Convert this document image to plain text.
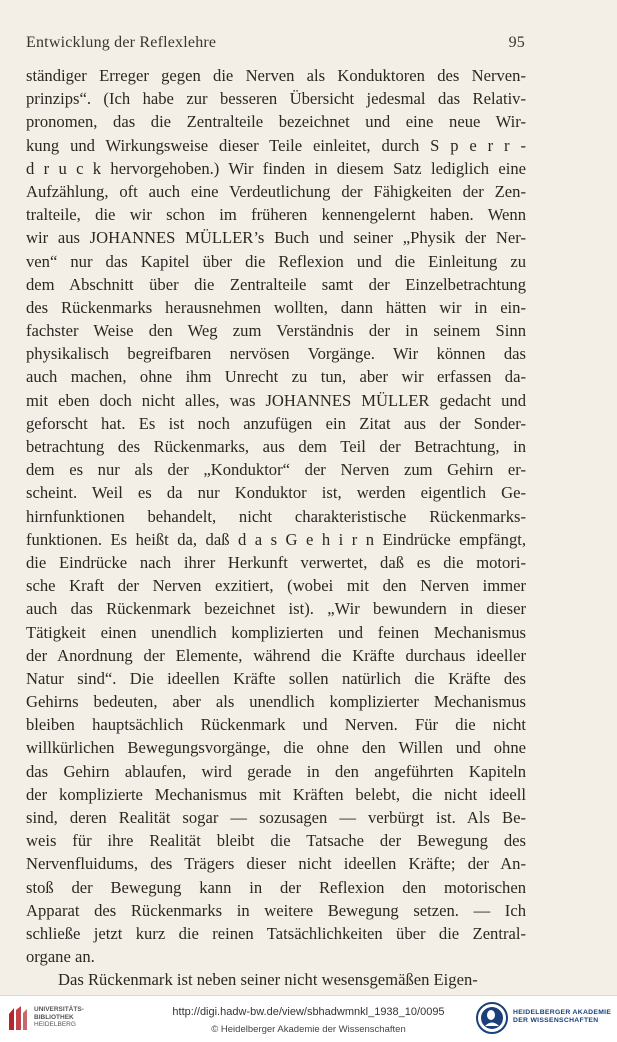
Entwicklung der Reflexlehre	95
ständiger Erreger gegen die Nerven als Konduktoren des Nerven-
prinzips“. (Ich habe zur besseren Übersicht jedesmal das Relativ-
pronomen, das die Zentralteile bezeichnet und eine neue Wir-
kung und Wirkungsweise dieser Teile einleitet, durch S p e r r -
d r u c k hervorgehoben.) Wir finden in diesem Satz lediglich eine
Aufzählung, oft auch eine Verdeutlichung der Fähigkeiten der Zen-
tralteile, die wir schon im früheren kennengelernt haben. Wenn
wir aus JOHANNES MÜLLER’s Buch und seiner „Physik der Ner-
ven“ nur das Kapitel über die Reflexion und die Einleitung zu
dem Abschnitt über die Zentralteile samt der Einzelbetrachtung
des Rückenmarks herausnehmen wollten, dann hätten wir in ein-
fachster Weise den Weg zum Verständnis der in seinem Sinn
physikalisch begreifbaren nervösen Vorgänge. Wir können das
auch machen, ohne ihm Unrecht zu tun, aber wir erfassen da-
mit eben doch nicht alles, was JOHANNES MÜLLER gedacht und
geforscht hat. Es ist noch anzufügen ein Zitat aus der Sonder-
betrachtung des Rückenmarks, aus dem Teil der Betrachtung, in
dem es nur als der „Konduktor“ der Nerven zum Gehirn er-
scheint. Weil es da nur Konduktor ist, werden eigentlich Ge-
hirnfunktionen behandelt, nicht charakteristische Rückenmarks-
funktionen. Es heißt da, daß d a s G e h i r n Eindrücke empfängt,
die Eindrücke nach ihrer Herkunft verwertet, daß es die motori-
sche Kraft der Nerven exzitiert, (wobei mit den Nerven immer
auch das Rückenmark bezeichnet ist). „Wir bewundern in dieser
Tätigkeit einen unendlich komplizierten und feinen Mechanismus
der Anordnung der Elemente, während die Kräfte durchaus ideeller
Natur sind“. Die ideellen Kräfte sollen natürlich die Kräfte des
Gehirns bedeuten, aber als unendlich komplizierter Mechanismus
bleiben hauptsächlich Rückenmark und Nerven. Für die nicht
willkürlichen Bewegungsvorgänge, die ohne den Willen und ohne
das Gehirn ablaufen, wird gerade in den angeführten Kapiteln
der komplizierte Mechanismus mit Kräften belebt, die nicht ideell
sind, deren Realität sogar — sozusagen — verbürgt ist. Als Be-
weis für ihre Realität bleibt die Tatsache der Bewegung des
Nervenfluidums, des Trägers dieser nicht ideellen Kräfte; der An-
stoß der Bewegung kann in der Reflexion den motorischen
Apparat des Rückenmarks in weitere Bewegung setzen. — Ich
schließe jetzt kurz die reinen Tatsächlichkeiten über die Zentral-
organe an.
Das Rückenmark ist neben seiner nicht wesensgemäßen Eigen-
UNIVERSITÄTS-
BIBLIOTHEK
HEIDELBERG
http://digi.hadw-bw.de/view/sbhadwmnkl_1938_10/0095
© Heidelberger Akademie der Wissenschaften
HEIDELBERGER AKADEMIE
DER WISSENSCHAFTEN
